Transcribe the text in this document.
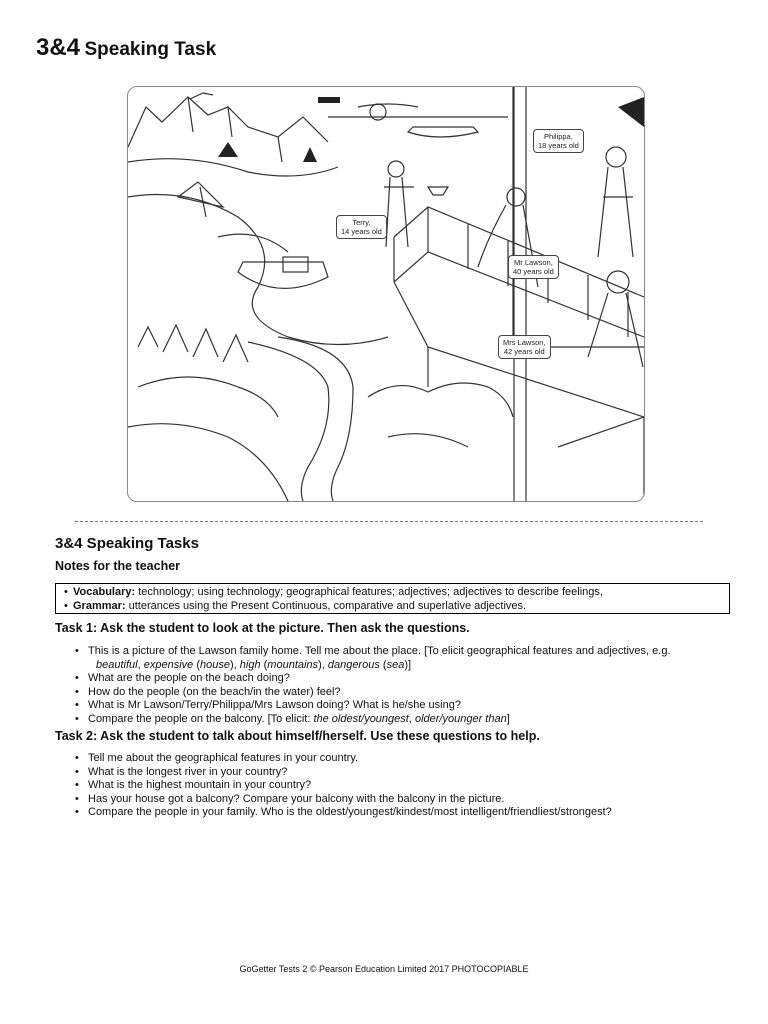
3&4 Speaking Task
Philippa,
18 years old
Terry,
14 years old
Mr Lawson,
40 years old
Mrs Lawson,
42 years old
3&4 Speaking Tasks
Notes for the teacher
• Vocabulary: technology; using technology; geographical features; adjectives; adjectives to describe feelings,
• Grammar: utterances using the Present Continuous, comparative and superlative adjectives.
Task 1: Ask the student to look at the picture. Then ask the questions.
• This is a picture of the Lawson family home. Tell me about the place. [To elicit geographical features and adjectives, e.g.
beautiful, expensive (house), high (mountains), dangerous (sea)]
• What are the people on the beach doing?
• How do the people (on the beach/in the water) feel?
• What is Mr Lawson/Terry/Philippa/Mrs Lawson doing? What is he/she using?
• Compare the people on the balcony. [To elicit: the oldest/youngest, older/younger than]
Task 2: Ask the student to talk about himself/herself. Use these questions to help.
• Tell me about the geographical features in your country.
• What is the longest river in your country?
• What is the highest mountain in your country?
• Has your house got a balcony? Compare your balcony with the balcony in the picture.
• Compare the people in your family. Who is the oldest/youngest/kindest/most intelligent/friendliest/strongest?
GoGetter Tests 2 © Pearson Education Limited 2017 PHOTOCOPIABLE
